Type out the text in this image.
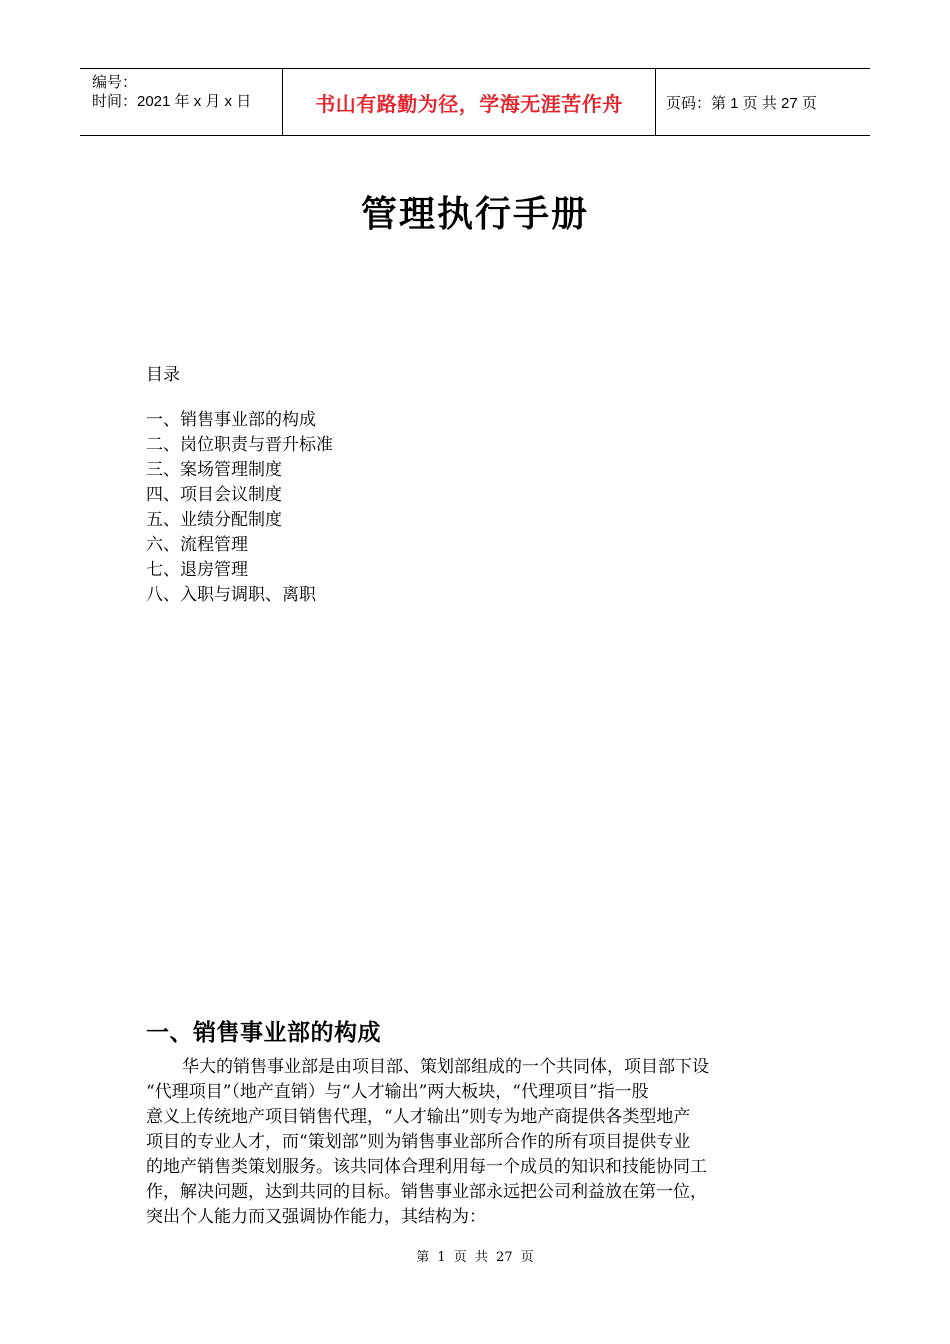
编号：
时间：2021 年 x 月 x 日	书山有路勤为径，学海无涯苦作舟	页码：第 1 页 共 27 页
管理执行手册
目录
一、销售事业部的构成
二、岗位职责与晋升标准
三、案场管理制度
四、项目会议制度
五、业绩分配制度
六、流程管理
七、退房管理
八、入职与调职、离职
一、销售事业部的构成
华大的销售事业部是由项目部、策划部组成的一个共同体，项目部下设
“代理项目”（地产直销）与“人才输出”两大板块，“代理项目”指一股
意义上传统地产项目销售代理，“人才输出”则专为地产商提供各类型地产
项目的专业人才，而“策划部”则为销售事业部所合作的所有项目提供专业
的地产销售类策划服务。该共同体合理利用每一个成员的知识和技能协同工
作，解决问题，达到共同的目标。销售事业部永远把公司利益放在第一位，
突出个人能力而又强调协作能力，其结构为：
第 1 页 共 27 页
